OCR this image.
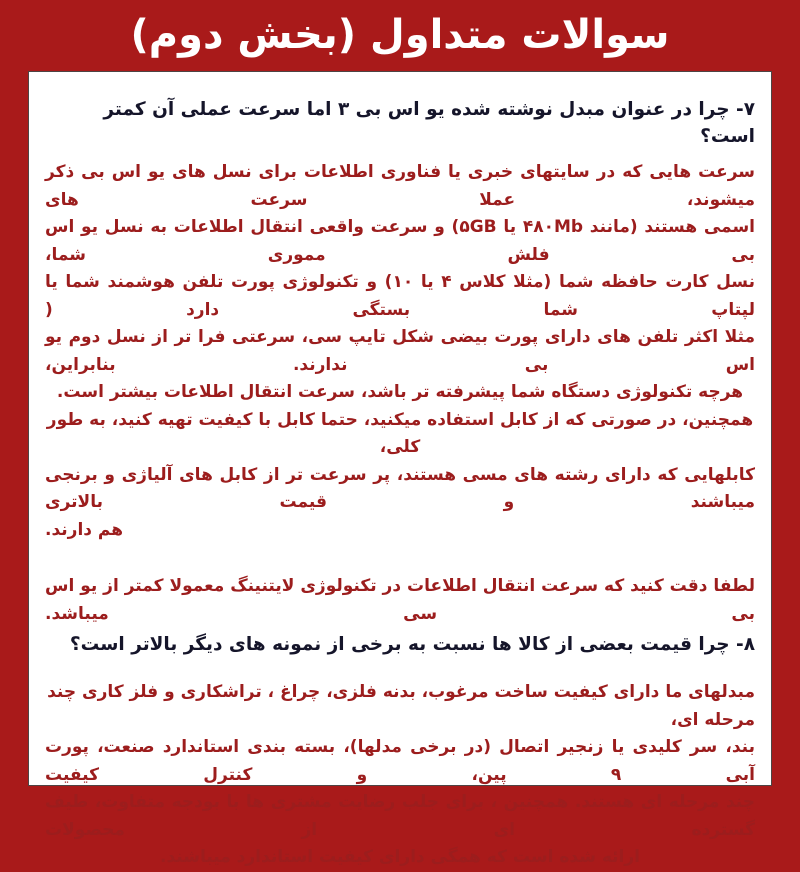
سوالات متداول (بخش دوم)
۷- چرا در عنوان مبدل نوشته شده یو اس بی ۳ اما سرعت عملی آن کمتر است؟
سرعت هایی که در سایتهای خبری یا فناوری اطلاعات برای نسل های یو اس بی ذکر میشوند، عملا سرعت های
اسمی هستند (مانند ۴۸۰Mb یا ۵GB) و سرعت واقعی انتقال اطلاعات به نسل یو اس بی فلش مموری شما،
نسل کارت حافظه شما (مثلا کلاس ۴ یا ۱۰) و تکنولوژی پورت تلفن هوشمند شما یا لپتاپ شما بستگی دارد (
مثلا اکثر تلفن های دارای پورت بیضی شکل تایپ سی، سرعتی فرا تر از نسل دوم یو اس بی ندارند. بنابراین،
هرچه تکنولوژی دستگاه شما پیشرفته تر باشد، سرعت انتقال اطلاعات بیشتر است.
همچنین، در صورتی که از کابل استفاده میکنید، حتما کابل با کیفیت تهیه کنید، به طور کلی،
کابلهایی که دارای رشته های مسی هستند، پر سرعت تر از کابل های آلیاژی و برنجی میباشند و قیمت بالاتری
هم دارند.
لطفا دقت کنید که سرعت انتقال اطلاعات در تکنولوژی لایتنینگ معمولا کمتر از یو اس بی سی میباشد.
۸- چرا قیمت بعضی از کالا ها نسبت به برخی از نمونه های دیگر بالاتر است؟
مبدلهای ما دارای کیفیت ساخت مرغوب، بدنه فلزی، چراغ ، تراشکاری و فلز کاری چند مرحله ای،
بند، سر کلیدی یا زنجیر اتصال (در برخی مدلها)، بسته بندی استاندارد صنعت، پورت آبی ۹ پین، و کنترل کیفیت
چند مرحله ای هستند. همچنین ، برای جلب رضایت مشتری ها با بودجه متفاوت، طیف گسترده ای از محصولات
ارائه شده است که همگی دارای کیفیت استاندارد میباشند.
